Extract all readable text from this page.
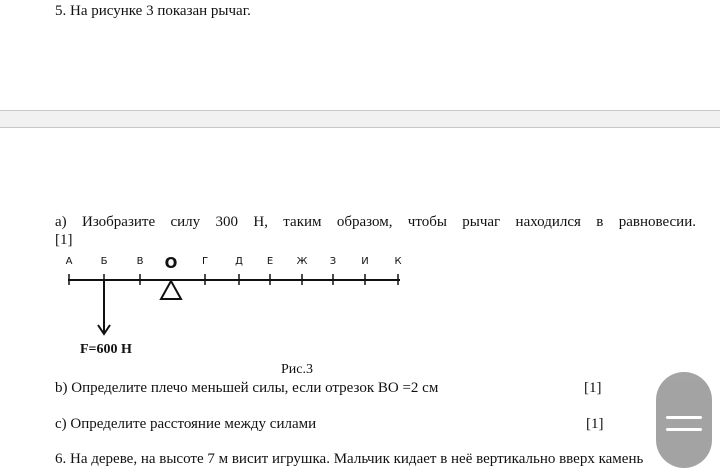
5. На рисунке 3 показан рычаг.
а) Изобразите силу 300 Н, таким образом, чтобы рычаг находился в равновесии.
[1]
А	Б	В O Г	Д Е Ж З	И	К
F=600 Н
Рис.3
b) Определите плечо меньшей силы, если отрезок ВО =2 см	[1]
c) Определите расстояние между силами	[1]
6. На дереве, на высоте 7 м висит игрушка. Мальчик кидает в неё вертикально вверх камень
